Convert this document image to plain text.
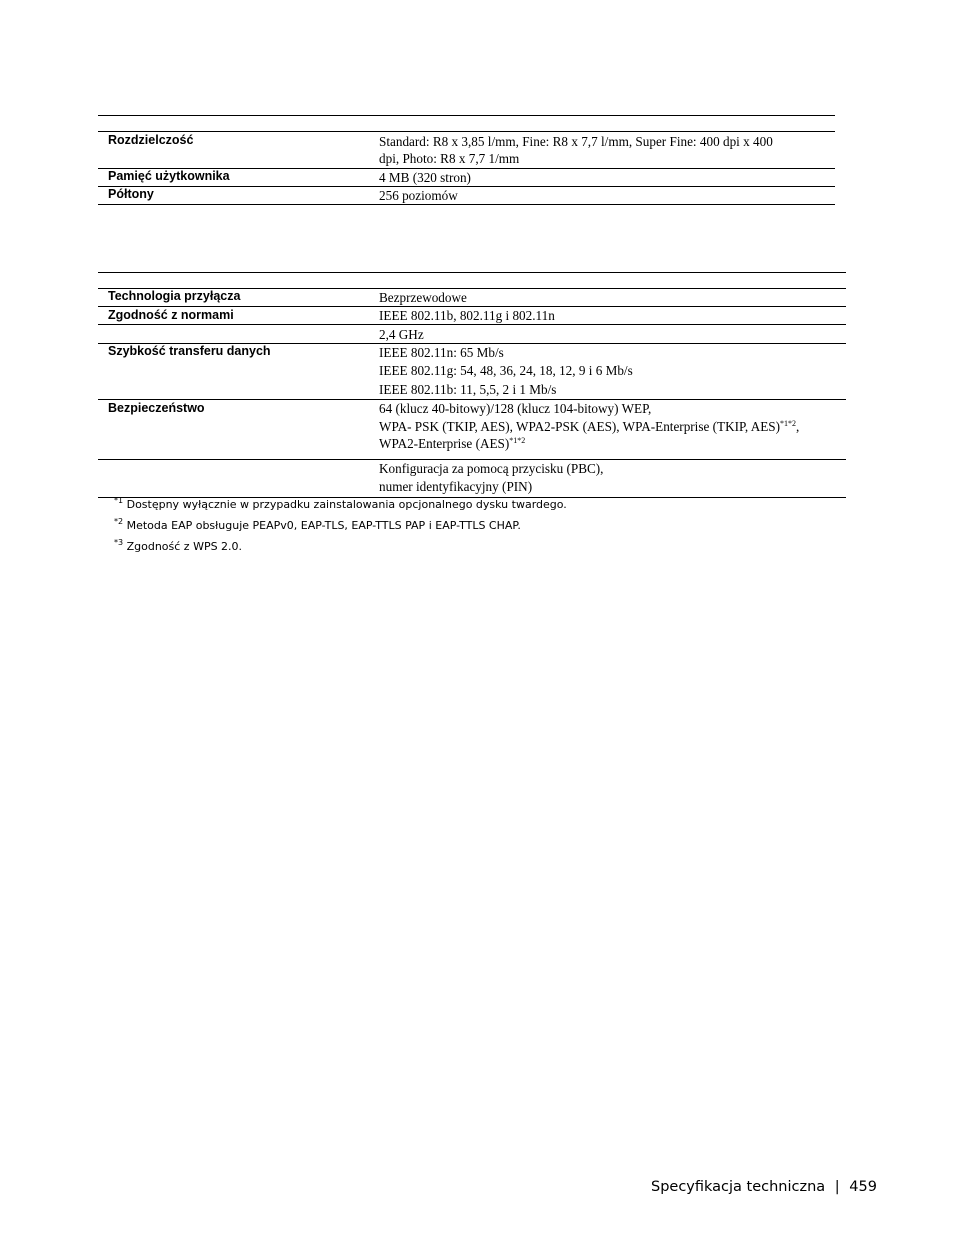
Rozdzielczość	Standard: R8 x 3,85 l/mm, Fine: R8 x 7,7 l/mm, Super Fine: 400 dpi x 400
dpi, Photo: R8 x 7,7 1/mm
Pamięć użytkownika	4 MB (320 stron)
Półtony	256 poziomów
Technologia przyłącza	Bezprzewodowe
Zgodność z normami	IEEE 802.11b, 802.11g i 802.11n
2,4 GHz
Szybkość transferu danych	IEEE 802.11n: 65 Mb/s
IEEE 802.11g: 54, 48, 36, 24, 18, 12, 9 i 6 Mb/s
IEEE 802.11b: 11, 5,5, 2 i 1 Mb/s
Bezpieczeństwo	64 (klucz 40-bitowy)/128 (klucz 104-bitowy) WEP,
WPA- PSK (TKIP, AES), WPA2-PSK (AES), WPA-Enterprise (TKIP, AES)$^{*1*2}$,
WPA2-Enterprise (AES)$^{*1*2}$
Konfiguracja za pomocą przycisku (PBC),
numer identyfikacyjny (PIN)
$^{*1}$ Dostępny wyłącznie w przypadku zainstalowania opcjonalnego dysku twardego.
$^{*2}$ Metoda EAP obsługuje PEAPv0, EAP-TLS, EAP-TTLS PAP i EAP-TTLS CHAP.
$^{*3}$ Zgodność z WPS 2.0.
Specyfikacja techniczna | 459
